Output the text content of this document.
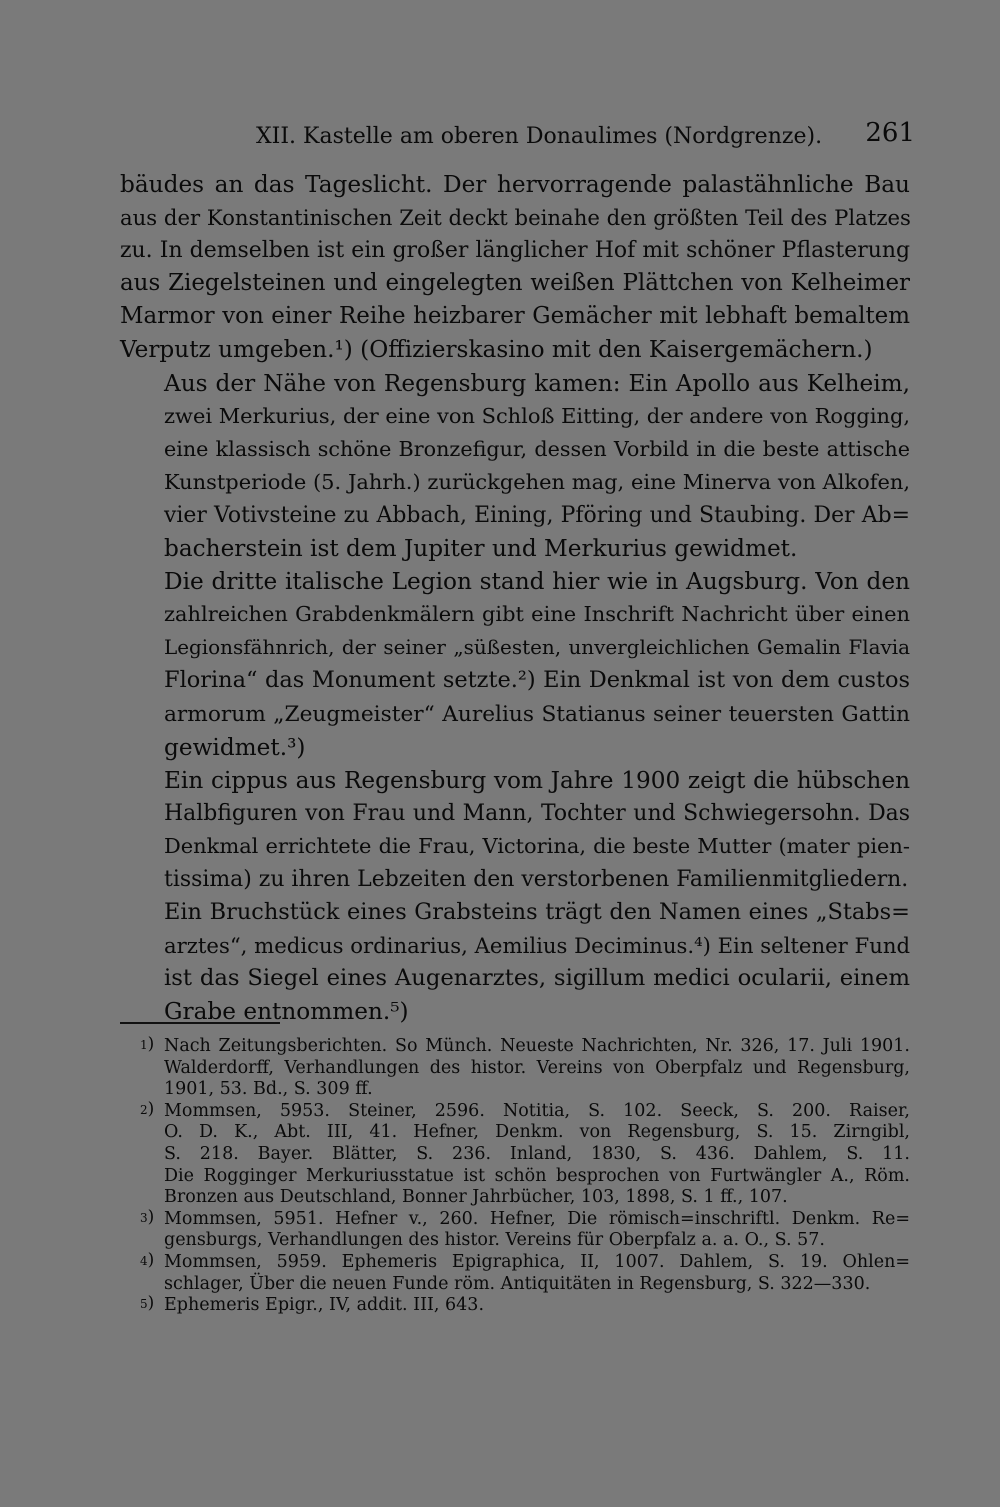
XII. Kastelle am oberen Donaulimes (Nordgrenze). 261

bäudes an das Tageslicht. Der hervorragende palastähnliche Bau
aus der Konstantinischen Zeit deckt beinahe den größten Teil des Platzes
zu. In demselben ist ein großer länglicher Hof mit schöner Pflasterung
aus Ziegelsteinen und eingelegten weißen Plättchen von Kelheimer
Marmor von einer Reihe heizbarer Gemächer mit lebhaft bemaltem
Verputz umgeben.¹) (Offizierskasino mit den Kaisergemächern.)

Aus der Nähe von Regensburg kamen: Ein Apollo aus Kelheim,
zwei Merkurius, der eine von Schloß Eitting, der andere von Rogging,
eine klassisch schöne Bronzefigur, dessen Vorbild in die beste attische
Kunstperiode (5. Jahrh.) zurückgehen mag, eine Minerva von Alkofen,
vier Votivsteine zu Abbach, Eining, Pföring und Staubing. Der Ab=
bacherstein ist dem Jupiter und Merkurius gewidmet.

Die dritte italische Legion stand hier wie in Augsburg. Von den
zahlreichen Grabdenkmälern gibt eine Inschrift Nachricht über einen
Legionsfähnrich, der seiner „süßesten, unvergleichlichen Gemalin Flavia
Florina“ das Monument setzte.²) Ein Denkmal ist von dem custos
armorum „Zeugmeister“ Aurelius Statianus seiner teuersten Gattin
gewidmet.³)

Ein cippus aus Regensburg vom Jahre 1900 zeigt die hübschen
Halbfiguren von Frau und Mann, Tochter und Schwiegersohn. Das
Denkmal errichtete die Frau, Victorina, die beste Mutter (mater pien-
tissima) zu ihren Lebzeiten den verstorbenen Familienmitgliedern.

Ein Bruchstück eines Grabsteins trägt den Namen eines „Stabs=
arztes“, medicus ordinarius, Aemilius Deciminus.⁴) Ein seltener Fund
ist das Siegel eines Augenarztes, sigillum medici ocularii, einem
Grabe entnommen.⁵)

1 ) Nach Zeitungsberichten. So Münch. Neueste Nachrichten, Nr. 326, 17. Juli 1901.
Walderdorff, Verhandlungen des histor. Vereins von Oberpfalz und Regensburg,
1901, 53. Bd., S. 309 ff.
2 ) Mommsen, 5953. Steiner, 2596. Notitia, S. 102. Seeck, S. 200. Raiser,
O. D. K., Abt. III, 41. Hefner, Denkm. von Regensburg, S. 15. Zirngibl,
S. 218. Bayer. Blätter, S. 236. Inland, 1830, S. 436. Dahlem, S. 11.
Die Rogginger Merkuriusstatue ist schön besprochen von Furtwängler A., Röm.
Bronzen aus Deutschland, Bonner Jahrbücher, 103, 1898, S. 1 ff., 107.
3 ) Mommsen, 5951. Hefner v., 260. Hefner, Die römisch=inschriftl. Denkm. Re=
gensburgs, Verhandlungen des histor. Vereins für Oberpfalz a. a. O., S. 57.
4 ) Mommsen, 5959. Ephemeris Epigraphica, II, 1007. Dahlem, S. 19. Ohlen=
schlager, Über die neuen Funde röm. Antiquitäten in Regensburg, S. 322—330.
5 ) Ephemeris Epigr., IV, addit. III, 643.
